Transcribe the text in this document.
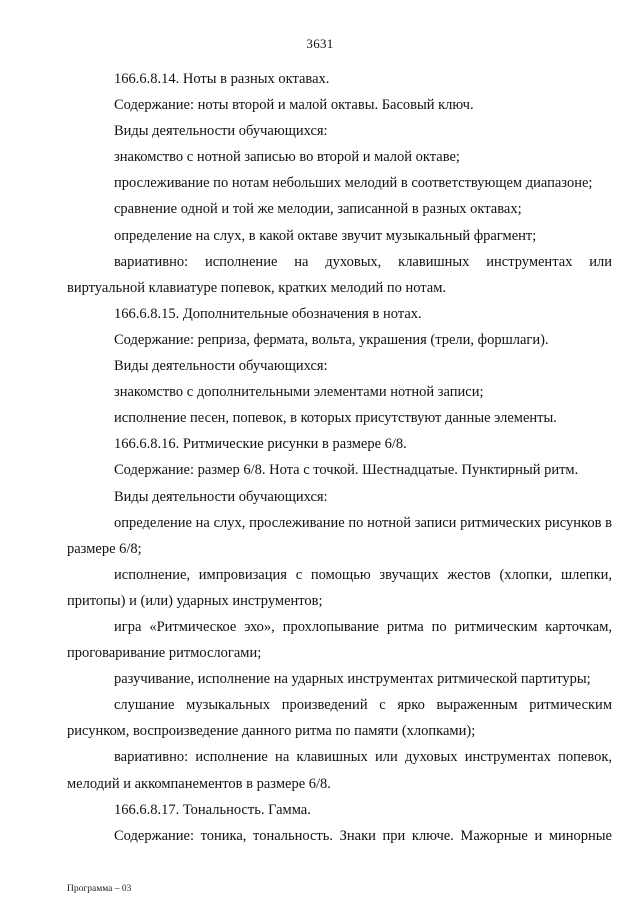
3631

166.6.8.14. Ноты в разных октавах.

Содержание: ноты второй и малой октавы. Басовый ключ.

Виды деятельности обучающихся:

знакомство с нотной записью во второй и малой октаве;

прослеживание по нотам небольших мелодий в соответствующем диапазоне;

сравнение одной и той же мелодии, записанной в разных октавах;

определение на слух, в какой октаве звучит музыкальный фрагмент;

вариативно: исполнение на духовых, клавишных инструментах или виртуальной клавиатуре попевок, кратких мелодий по нотам.

166.6.8.15. Дополнительные обозначения в нотах.

Содержание: реприза, фермата, вольта, украшения (трели, форшлаги).

Виды деятельности обучающихся:

знакомство с дополнительными элементами нотной записи;

исполнение песен, попевок, в которых присутствуют данные элементы.

166.6.8.16. Ритмические рисунки в размере 6/8.

Содержание: размер 6/8. Нота с точкой. Шестнадцатые. Пунктирный ритм.

Виды деятельности обучающихся:

определение на слух, прослеживание по нотной записи ритмических рисунков в размере 6/8;

исполнение, импровизация с помощью звучащих жестов (хлопки, шлепки, притопы) и (или) ударных инструментов;

игра «Ритмическое эхо», прохлопывание ритма по ритмическим карточкам, проговаривание ритмослогами;

разучивание, исполнение на ударных инструментах ритмической партитуры;

слушание музыкальных произведений с ярко выраженным ритмическим рисунком, воспроизведение данного ритма по памяти (хлопками);

вариативно: исполнение на клавишных или духовых инструментах попевок, мелодий и аккомпанементов в размере 6/8.

166.6.8.17. Тональность. Гамма.

Содержание: тоника, тональность. Знаки при ключе. Мажорные и минорные

Программа – 03
